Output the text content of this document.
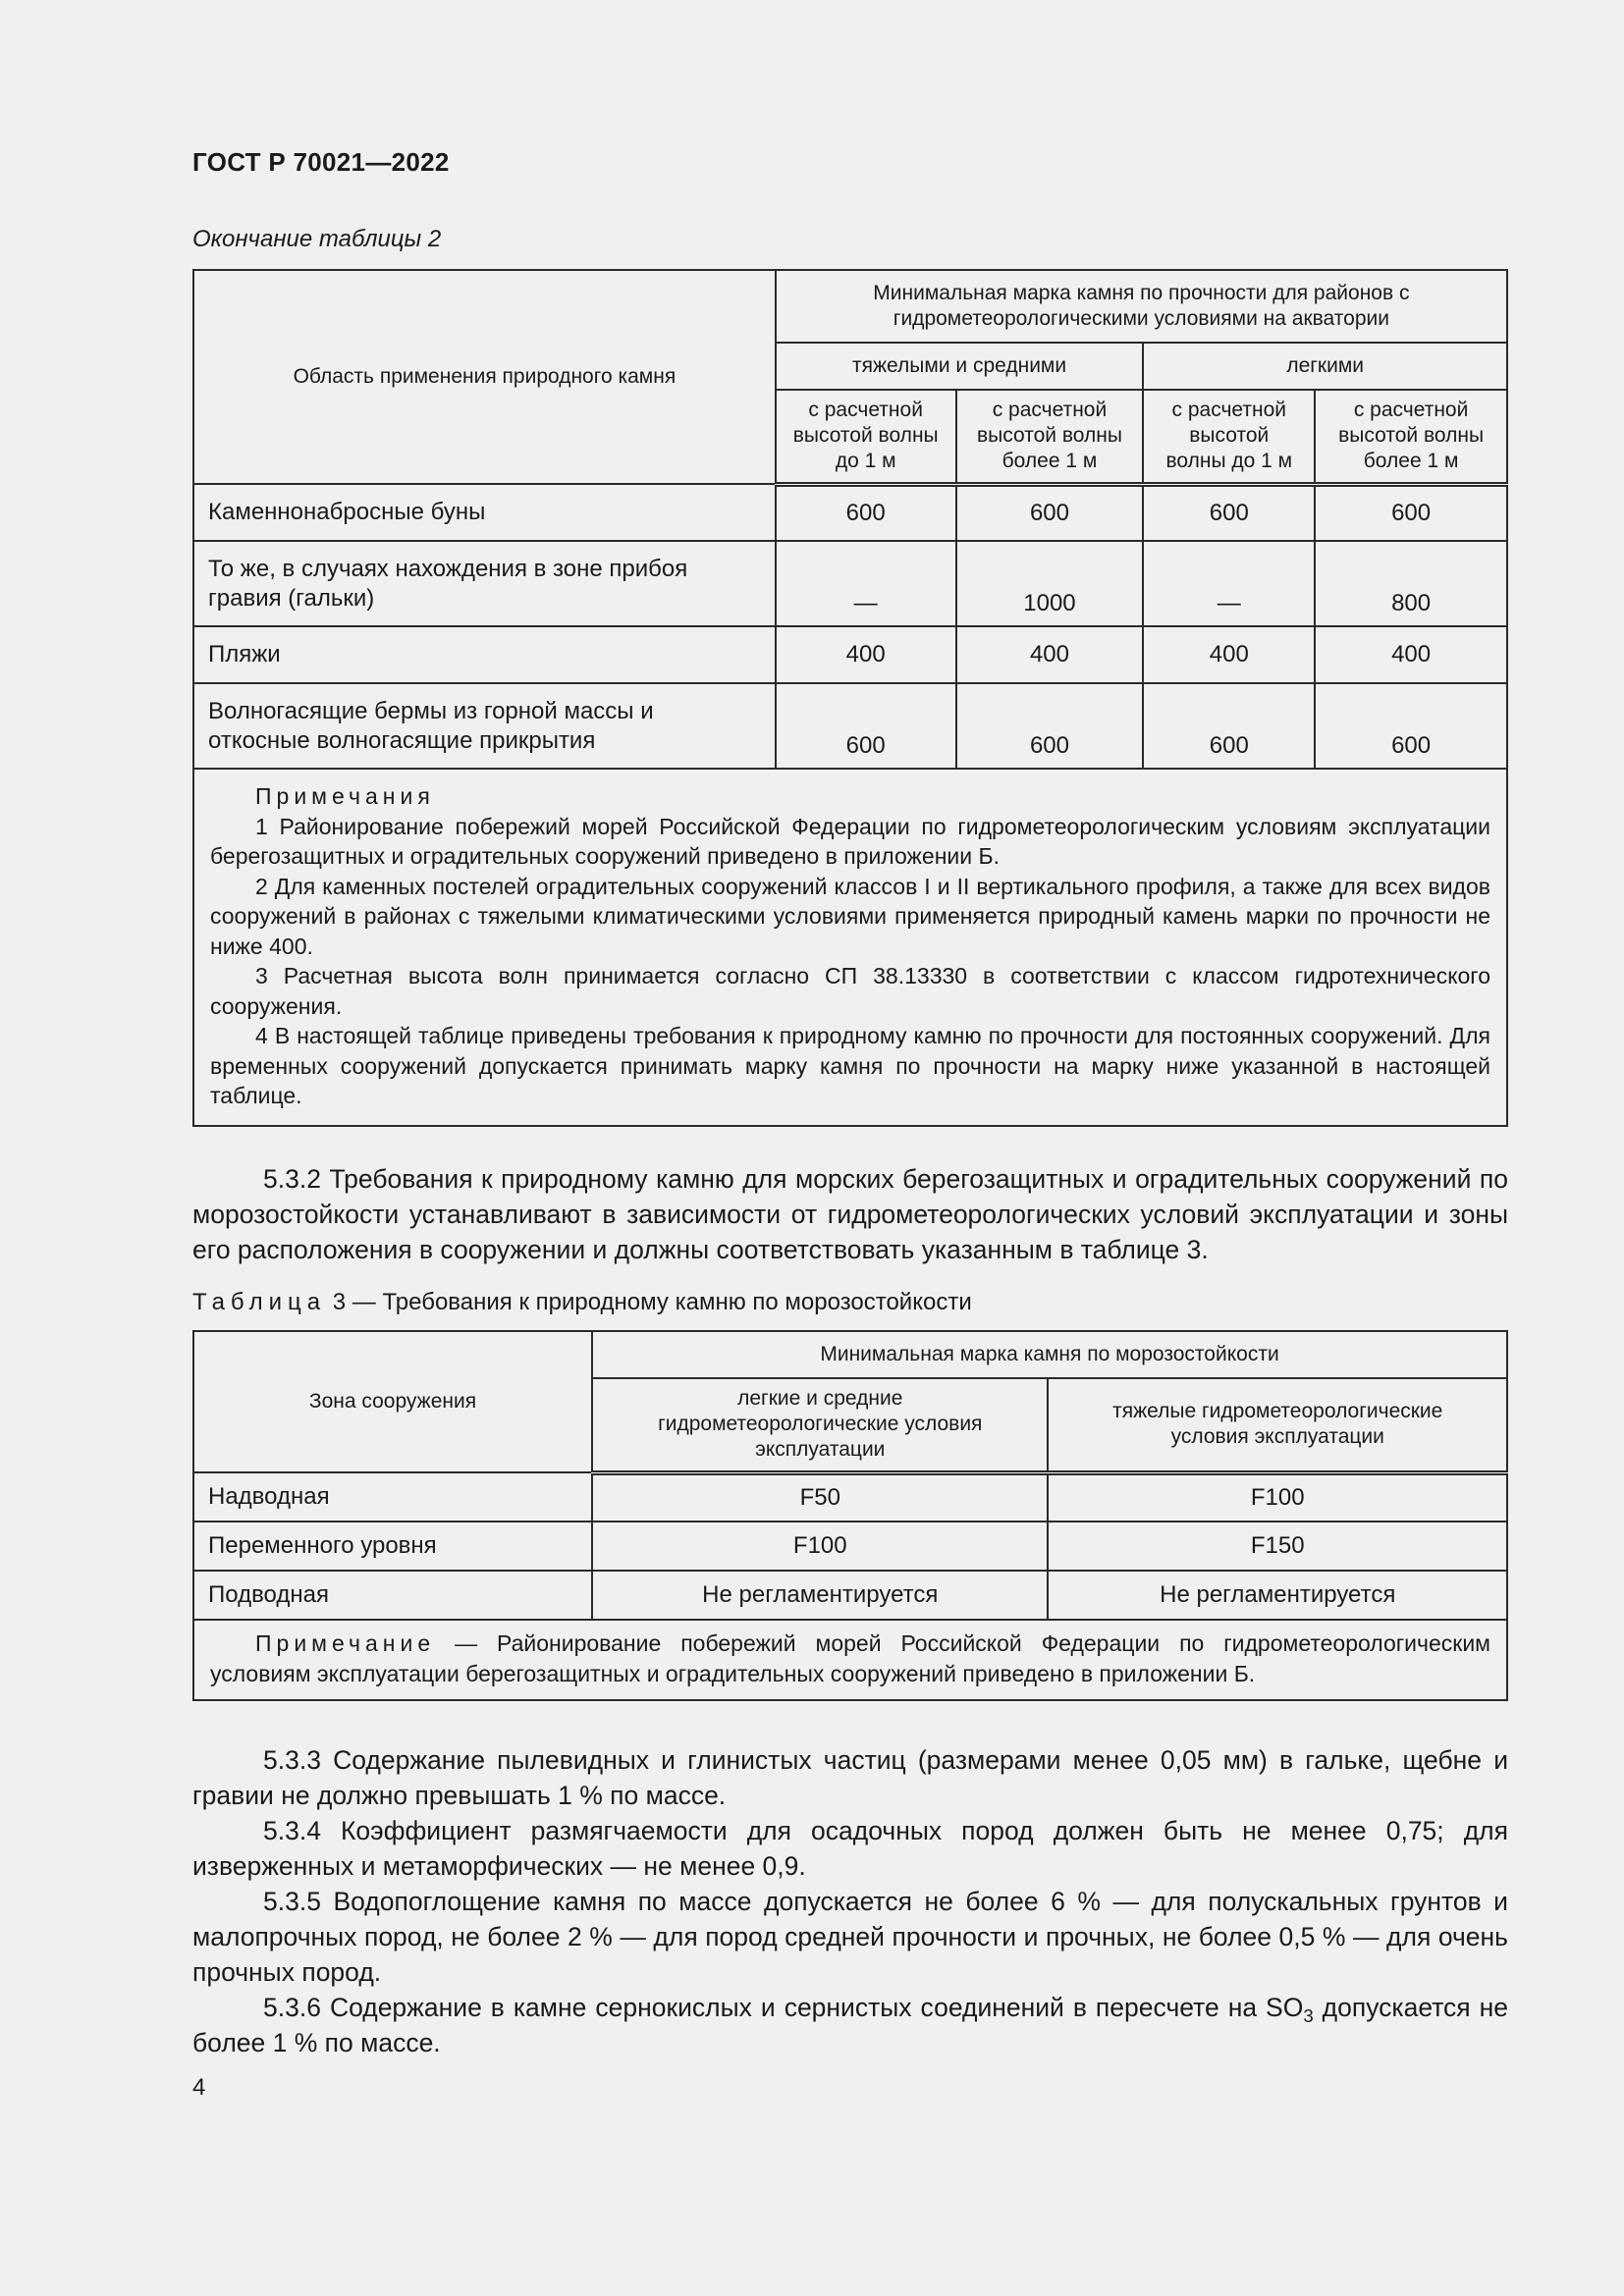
ГОСТ Р 70021—2022
Окончание таблицы 2
Область применения природного камня	Минимальная марка камня по прочности для районов с гидрометеорологическими условиями на акватории			
	тяжелыми и средними		легкими	
	с расчетной высотой волны до 1 м	с расчетной высотой волны более 1 м	с расчетной высотой волны до 1 м	с расчетной высотой волны более 1 м
Каменнонабросные буны	600	600	600	600
То же, в случаях нахождения в зоне прибоя гравия (гальки)	—	1000	—	800
Пляжи	400	400	400	400
Волногасящие бермы из горной массы и откосные волногасящие прикрытия	600	600	600	600

Примечания

1 Районирование побережий морей Российской Федерации по гидрометеорологическим условиям эксплуатации берегозащитных и оградительных сооружений приведено в приложении Б.

2 Для каменных постелей оградительных сооружений классов I и II вертикального профиля, а также для всех видов сооружений в районах с тяжелыми климатическими условиями применяется природный камень марки по прочности не ниже 400.

3 Расчетная высота волн принимается согласно СП 38.13330 в соответствии с классом гидротехнического сооружения.

4 В настоящей таблице приведены требования к природному камню по прочности для постоянных сооружений. Для временных сооружений допускается принимать марку камня по прочности на марку ниже указанной в настоящей таблице.				

5.3.2 Требования к природному камню для морских берегозащитных и оградительных сооружений по морозостойкости устанавливают в зависимости от гидрометеорологических условий эксплуатации и зоны его расположения в сооружении и должны соответствовать указанным в таблице 3.

Таблица 3 — Требования к природному камню по морозостойкости
Зона сооружения	Минимальная марка камня по морозостойкости	
	легкие и средние гидрометеорологические условия эксплуатации	тяжелые гидрометеорологические условия эксплуатации
Надводная	F50	F100
Переменного уровня	F100	F150
Подводная	Не регламентируется	Не регламентируется

Примечание — Районирование побережий морей Российской Федерации по гидрометеорологическим условиям эксплуатации берегозащитных и оградительных сооружений приведено в приложении Б.		

5.3.3 Содержание пылевидных и глинистых частиц (размерами менее 0,05 мм) в гальке, щебне и гравии не должно превышать 1 % по массе.

5.3.4 Коэффициент размягчаемости для осадочных пород должен быть не менее 0,75; для изверженных и метаморфических — не менее 0,9.

5.3.5 Водопоглощение камня по массе допускается не более 6 % — для полускальных грунтов и малопрочных пород, не более 2 % — для пород средней прочности и прочных, не более 0,5 % — для очень прочных пород.

5.3.6 Содержание в камне сернокислых и сернистых соединений в пересчете на $SO_3$ допускается не более 1 % по массе.

4
